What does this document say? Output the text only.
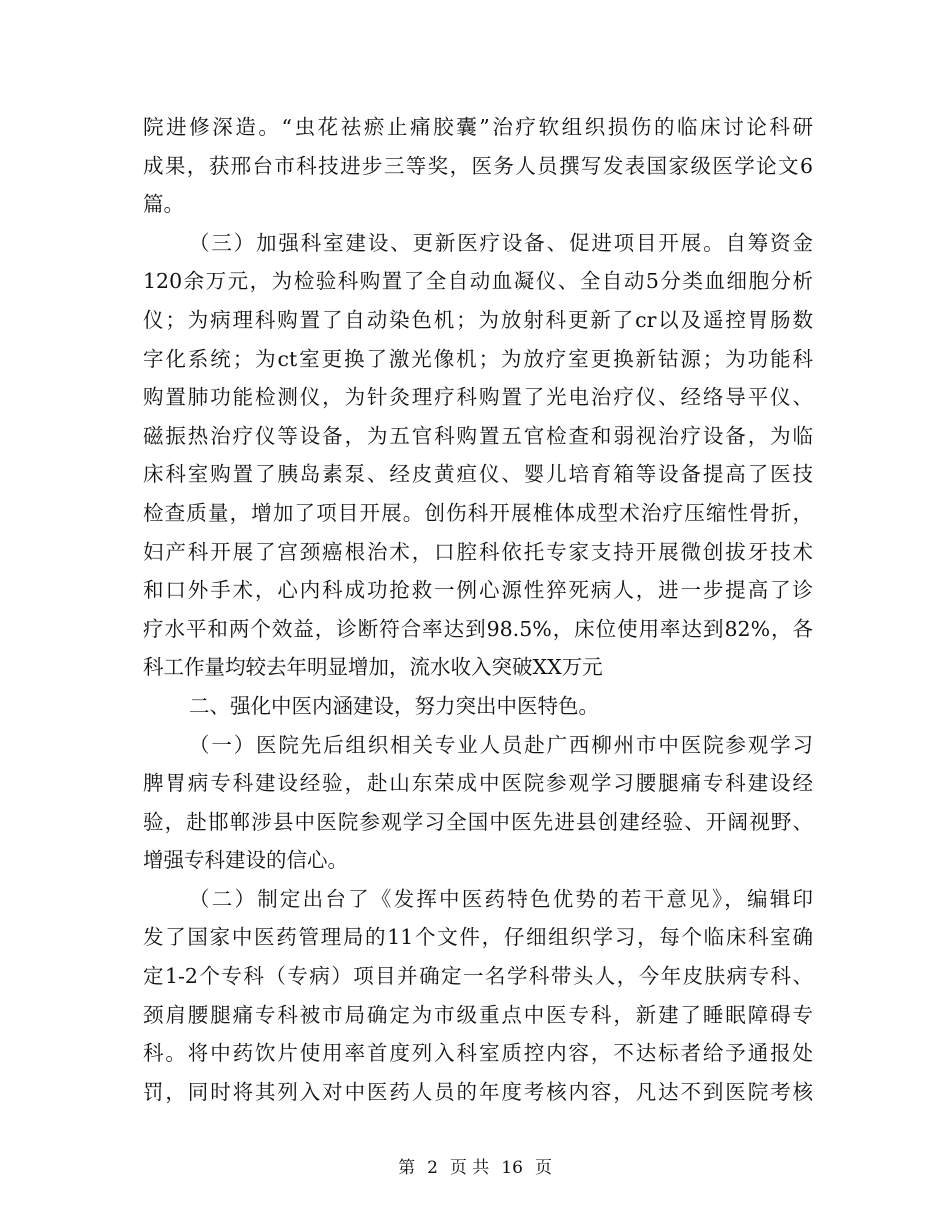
院进修深造。“虫花祛瘀止痛胶囊”治疗软组织损伤的临床讨论科研
成果，获邢台市科技进步三等奖，医务人员撰写发表国家级医学论文6
篇。
（三）加强科室建设、更新医疗设备、促进项目开展。自筹资金
120余万元，为检验科购置了全自动血凝仪、全自动5分类血细胞分析
仪；为病理科购置了自动染色机；为放射科更新了cr以及遥控胃肠数
字化系统；为ct室更换了激光像机；为放疗室更换新钴源；为功能科
购置肺功能检测仪，为针灸理疗科购置了光电治疗仪、经络导平仪、
磁振热治疗仪等设备，为五官科购置五官检查和弱视治疗设备，为临
床科室购置了胰岛素泵、经皮黄疸仪、婴儿培育箱等设备提高了医技
检查质量，增加了项目开展。创伤科开展椎体成型术治疗压缩性骨折，
妇产科开展了宫颈癌根治术，口腔科依托专家支持开展微创拔牙技术
和口外手术，心内科成功抢救一例心源性猝死病人，进一步提高了诊
疗水平和两个效益，诊断符合率达到98.5%，床位使用率达到82%，各
科工作量均较去年明显增加，流水收入突破XX万元
二、强化中医内涵建设，努力突出中医特色。
（一）医院先后组织相关专业人员赴广西柳州市中医院参观学习
脾胃病专科建设经验，赴山东荣成中医院参观学习腰腿痛专科建设经
验，赴邯郸涉县中医院参观学习全国中医先进县创建经验、开阔视野、
增强专科建设的信心。
（二）制定出台了《发挥中医药特色优势的若干意见》，编辑印
发了国家中医药管理局的11个文件，仔细组织学习，每个临床科室确
定1-2个专科（专病）项目并确定一名学科带头人，今年皮肤病专科、
颈肩腰腿痛专科被市局确定为市级重点中医专科，新建了睡眠障碍专
科。将中药饮片使用率首度列入科室质控内容，不达标者给予通报处
罚，同时将其列入对中医药人员的年度考核内容，凡达不到医院考核
第 2 页 共 16 页
